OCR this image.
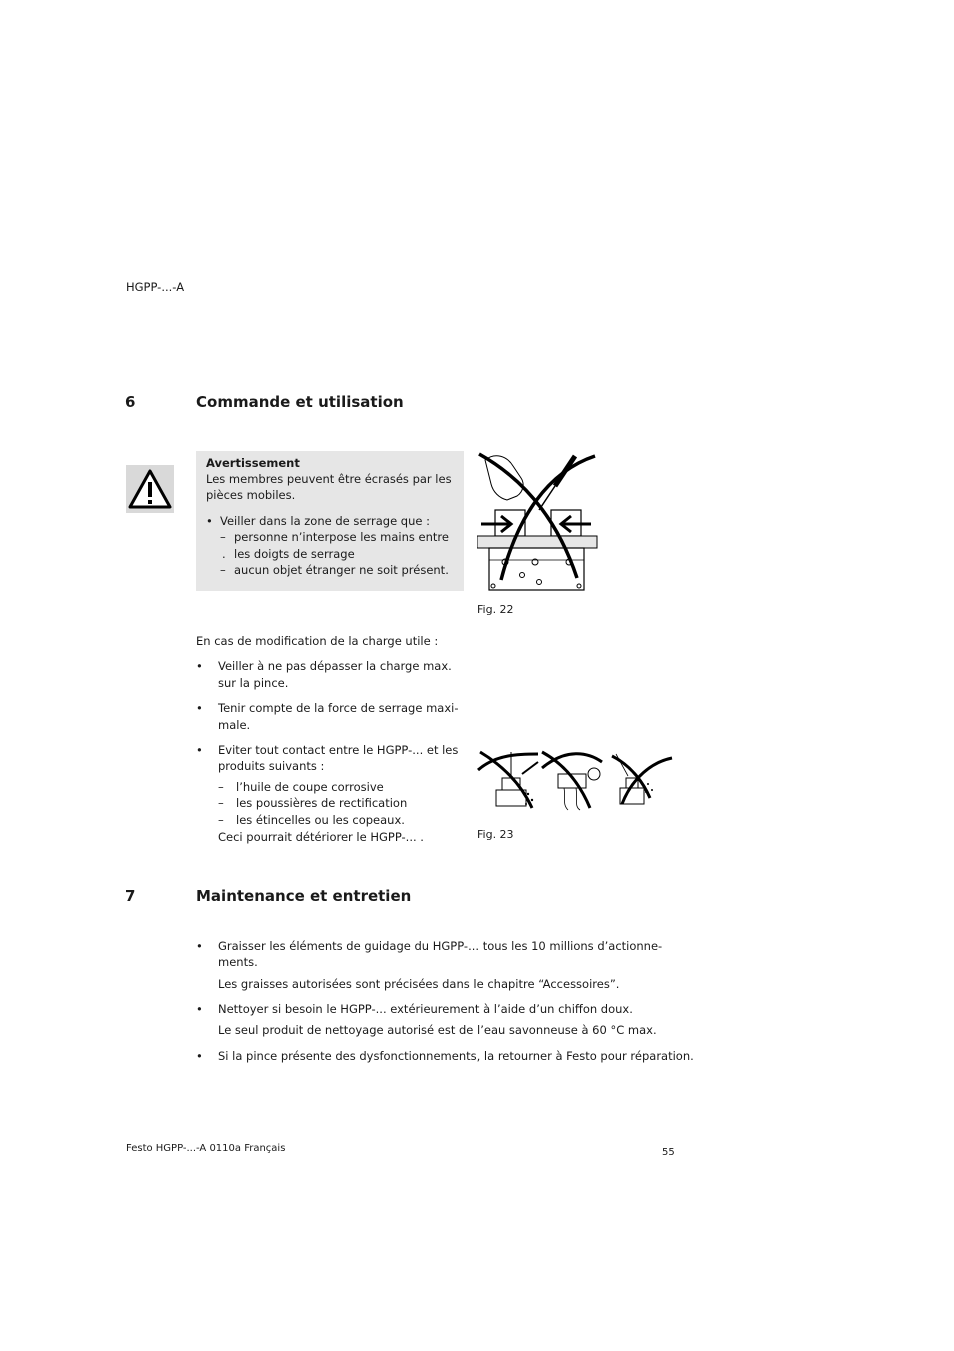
HGPP-...-A
6	Commande et utilisation
Avertissement
Les membres peuvent être écrasés par les
pièces mobiles.
• Veiller dans la zone de serrage que :
– personne n’interpose les mains entre
. les doigts de serrage
– aucun objet étranger ne soit présent.
Fig. 22
En cas de modification de la charge utile :
• Veiller à ne pas dépasser la charge max.
sur la pince.
• Tenir compte de la force de serrage maxi-
male.
• Eviter tout contact entre le HGPP-... et les
produits suivants :
– l’huile de coupe corrosive
– les poussières de rectification
– les étincelles ou les copeaux.
Ceci pourrait détériorer le HGPP-... .	Fig. 23
7	Maintenance et entretien
• Graisser les éléments de guidage du HGPP-... tous les 10 millions d’actionne-
ments.
Les graisses autorisées sont précisées dans le chapitre “Accessoires”.
• Nettoyer si besoin le HGPP-... extérieurement à l’aide d’un chiffon doux.
Le seul produit de nettoyage autorisé est de l’eau savonneuse à 60 °C max.
• Si la pince présente des dysfonctionnements, la retourner à Festo pour réparation.
Festo HGPP-...-A 0110a Français	55
